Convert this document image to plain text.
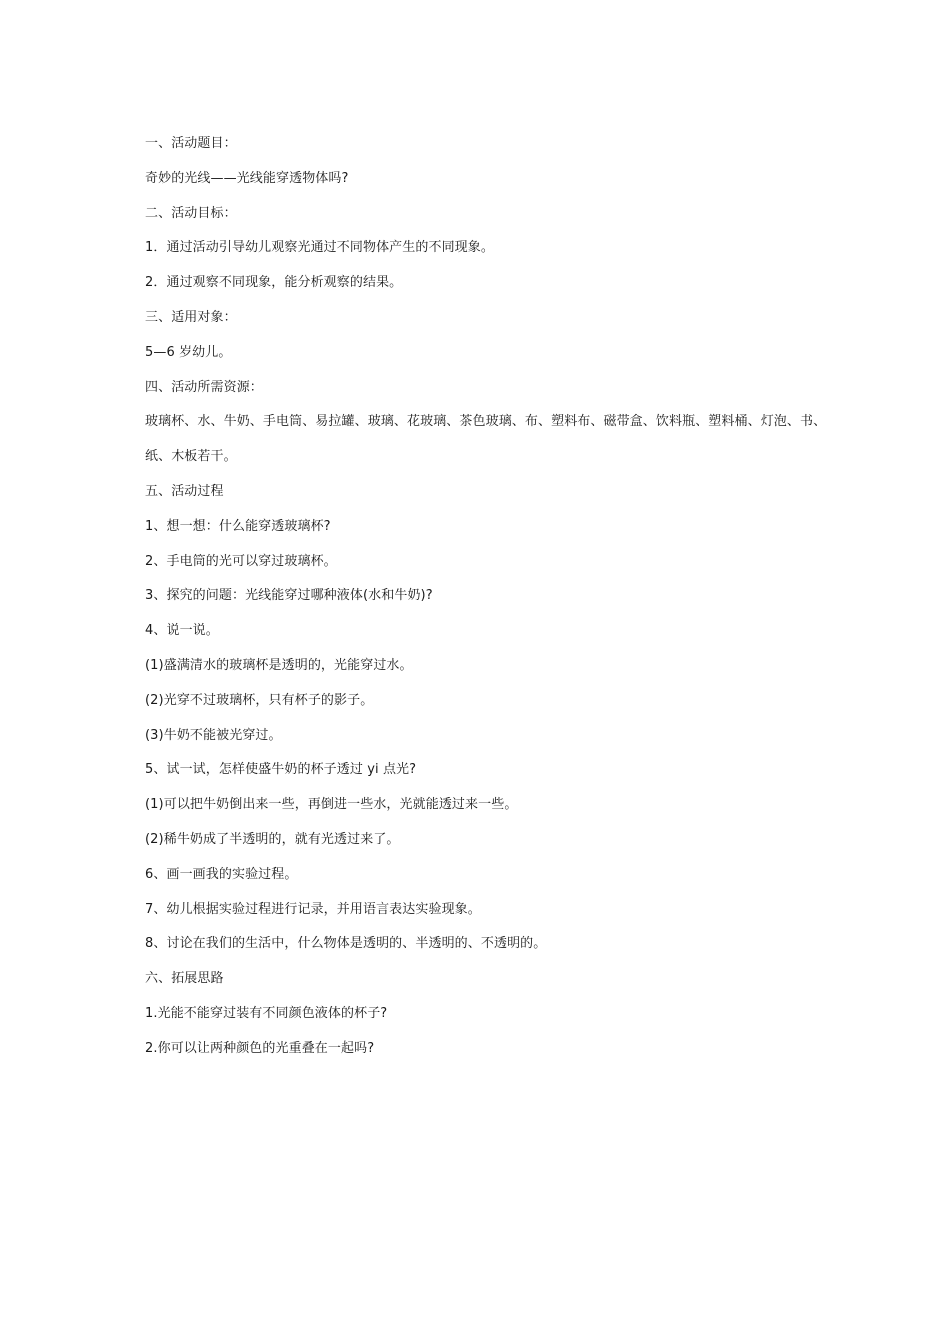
一、活动题目：
奇妙的光线——光线能穿透物体吗?
二、活动目标：
1．通过活动引导幼儿观察光通过不同物体产生的不同现象。
2．通过观察不同现象，能分析观察的结果。
三、适用对象：
5—6 岁幼儿。
四、活动所需资源：
玻璃杯、水、牛奶、手电筒、易拉罐、玻璃、花玻璃、茶色玻璃、布、塑料布、磁带盒、饮料瓶、塑料桶、灯泡、书、
纸、木板若干。
五、活动过程
1、想一想：什么能穿透玻璃杯?
2、手电筒的光可以穿过玻璃杯。
3、探究的问题：光线能穿过哪种液体(水和牛奶)?
4、说一说。
(1)盛满清水的玻璃杯是透明的，光能穿过水。
(2)光穿不过玻璃杯，只有杯子的影子。
(3)牛奶不能被光穿过。
5、试一试，怎样使盛牛奶的杯子透过 yi 点光?
(1)可以把牛奶倒出来一些，再倒进一些水，光就能透过来一些。
(2)稀牛奶成了半透明的，就有光透过来了。
6、画一画我的实验过程。
7、幼儿根据实验过程进行记录，并用语言表达实验现象。
8、讨论在我们的生活中，什么物体是透明的、半透明的、不透明的。
六、拓展思路
1.光能不能穿过装有不同颜色液体的杯子?
2.你可以让两种颜色的光重叠在一起吗?
